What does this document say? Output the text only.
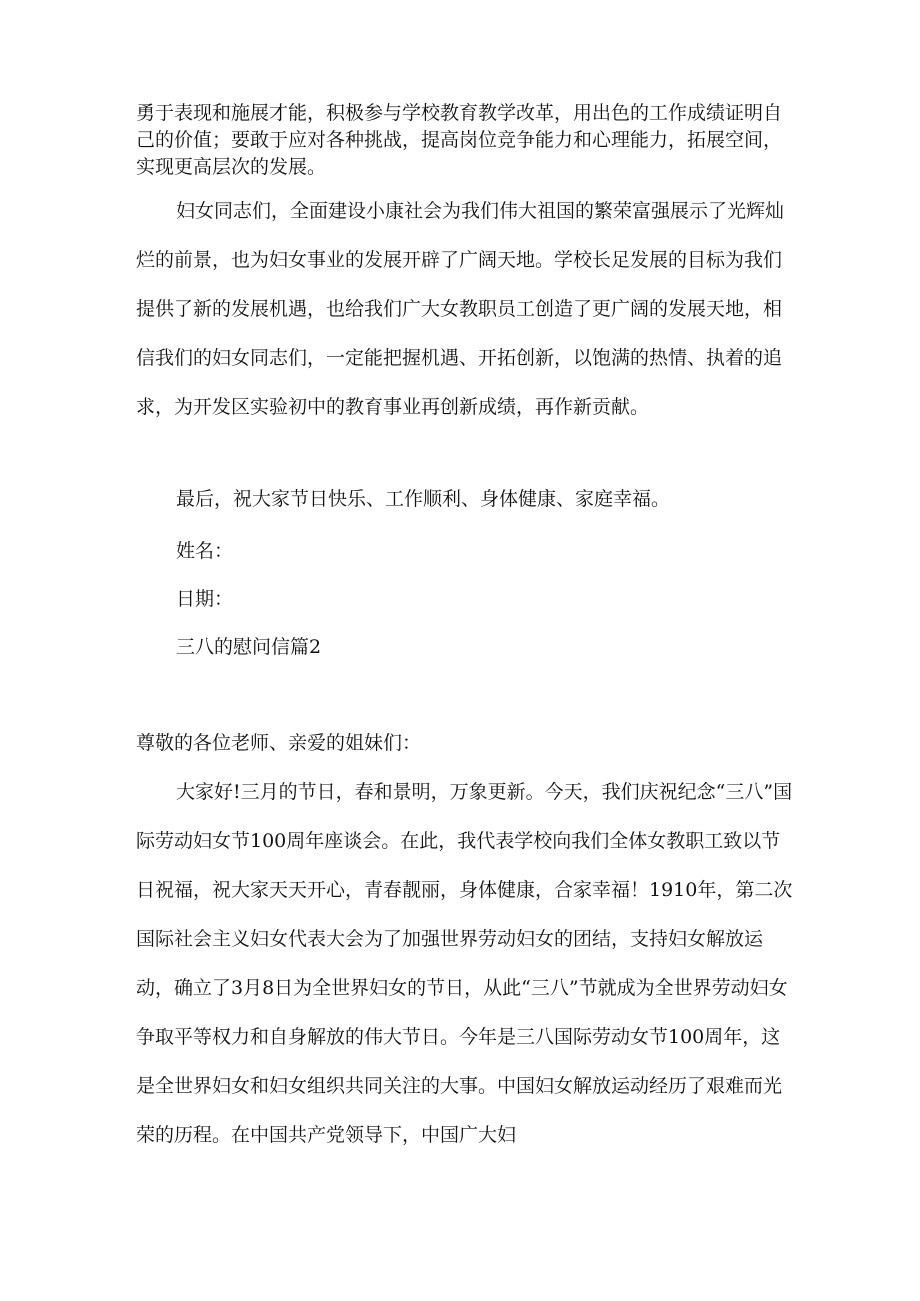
勇于表现和施展才能，积极参与学校教育教学改革，用出色的工作成绩证明自己的价值；要敢于应对各种挑战，提高岗位竞争能力和心理能力，拓展空间，实现更高层次的发展。

妇女同志们，全面建设小康社会为我们伟大祖国的繁荣富强展示了光辉灿烂的前景，也为妇女事业的发展开辟了广阔天地。学校长足发展的目标为我们提供了新的发展机遇，也给我们广大女教职员工创造了更广阔的发展天地，相信我们的妇女同志们，一定能把握机遇、开拓创新，以饱满的热情、执着的追求，为开发区实验初中的教育事业再创新成绩，再作新贡献。

最后，祝大家节日快乐、工作顺利、身体健康、家庭幸福。

姓名：

日期：

三八的慰问信篇2

尊敬的各位老师、亲爱的姐妹们：

大家好!三月的节日，春和景明，万象更新。今天，我们庆祝纪念“三八”国际劳动妇女节100周年座谈会。在此，我代表学校向我们全体女教职工致以节日祝福，祝大家天天开心，青春靓丽，身体健康，合家幸福！1910年，第二次国际社会主义妇女代表大会为了加强世界劳动妇女的团结，支持妇女解放运动，确立了3月8日为全世界妇女的节日，从此“三八”节就成为全世界劳动妇女争取平等权力和自身解放的伟大节日。今年是三八国际劳动女节100周年，这是全世界妇女和妇女组织共同关注的大事。中国妇女解放运动经历了艰难而光荣的历程。在中国共产党领导下，中国广大妇
